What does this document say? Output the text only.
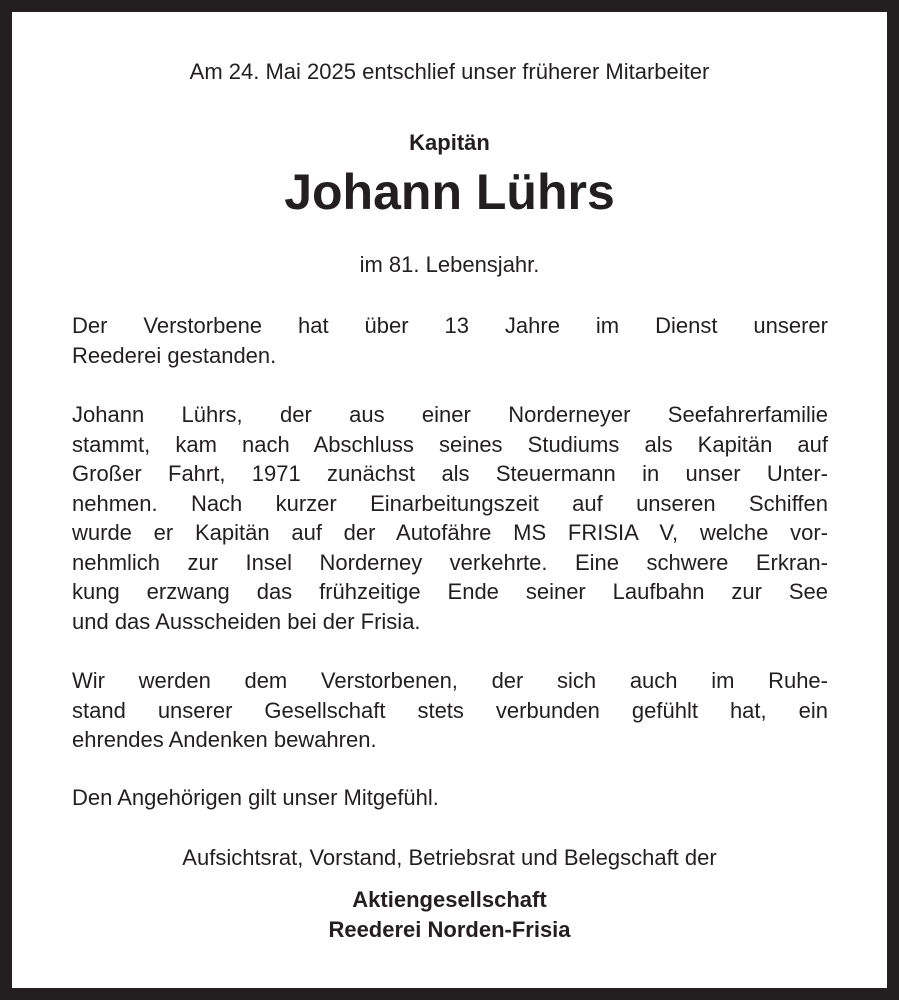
Am 24. Mai 2025 entschlief unser früherer Mitarbeiter
Kapitän
Johann Lührs
im 81. Lebensjahr.
Der Verstorbene hat über 13 Jahre im Dienst unserer
Reederei gestanden.
Johann Lührs, der aus einer Norderneyer Seefahrerfamilie
stammt, kam nach Abschluss seines Studiums als Kapitän auf
Großer Fahrt, 1971 zunächst als Steuermann in unser Unter-
nehmen. Nach kurzer Einarbeitungszeit auf unseren Schiffen
wurde er Kapitän auf der Autofähre MS FRISIA V, welche vor-
nehmlich zur Insel Norderney verkehrte. Eine schwere Erkran-
kung erzwang das frühzeitige Ende seiner Laufbahn zur See
und das Ausscheiden bei der Frisia.
Wir werden dem Verstorbenen, der sich auch im Ruhe-
stand unserer Gesellschaft stets verbunden gefühlt hat, ein
ehrendes Andenken bewahren.
Den Angehörigen gilt unser Mitgefühl.
Aufsichtsrat, Vorstand, Betriebsrat und Belegschaft der
Aktiengesellschaft
Reederei Norden-Frisia
